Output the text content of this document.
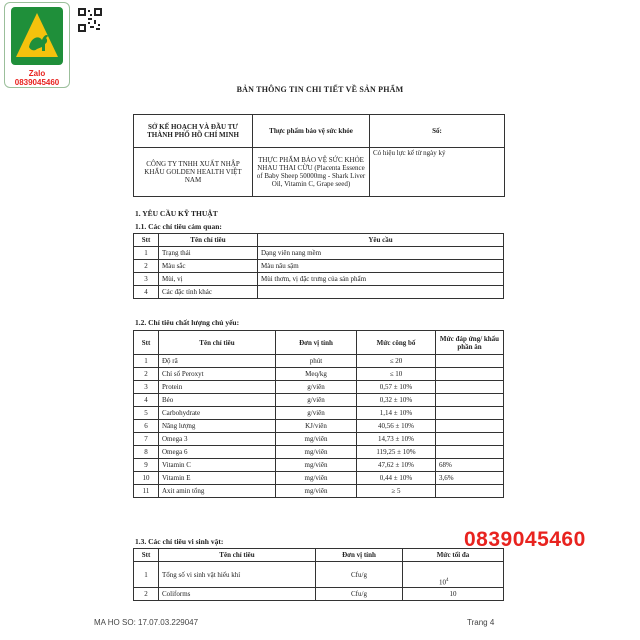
Zalo
0839045460
BẢN THÔNG TIN CHI TIẾT VỀ SẢN PHẨM
SỞ KẾ HOẠCH VÀ ĐẦU TƯ THÀNH PHỐ HỒ CHÍ MINH	Thực phẩm bảo vệ sức khỏe	Số:
CÔNG TY TNHH XUẤT NHẬP KHẨU GOLDEN HEALTH VIỆT NAM	THỰC PHẨM BẢO VỆ SỨC KHỎE NHAU THAI CỪU (Placenta Essence of Baby Sheep 50000mg - Shark Liver Oil, Vitamin C, Grape seed)	Có hiệu lực kể từ ngày ký
1. YÊU CẦU KỸ THUẬT
1.1. Các chỉ tiêu cảm quan:
Stt	Tên chỉ tiêu	Yêu cầu
1	Trạng thái	Dạng viên nang mềm
2	Màu sắc	Màu nâu sậm
3	Mùi, vị	Mùi thơm, vị đặc trưng của sản phẩm
4	Các đặc tính khác	
1.2. Chỉ tiêu chất lượng chủ yếu:
Stt	Tên chỉ tiêu	Đơn vị tính	Mức công bố	Mức đáp ứng/ khẩu phần ăn
1	Độ rã	phút	≤ 20	
2	Chỉ số Peroxyt	Meq/kg	≤ 10	
3	Protein	g/viên	0,57 ± 10%	
4	Béo	g/viên	0,32 ± 10%	
5	Carbohydrate	g/viên	1,14 ± 10%	
6	Năng lượng	KJ/viên	40,56 ± 10%	
7	Omega 3	mg/viên	14,73 ± 10%	
8	Omega 6	mg/viên	119,25 ± 10%	
9	Vitamin C	mg/viên	47,62 ± 10%	68%
10	Vitamin E	mg/viên	0,44 ± 10%	3,6%
11	Axit amin tổng	mg/viên	≥ 5	
1.3. Các chỉ tiêu vi sinh vật:
Stt	Tên chỉ tiêu	Đơn vị tính	Mức tối đa
1	Tổng số vi sinh vật hiếu khí	Cfu/g	$10^4$
2	Coliforms	Cfu/g	10
0839045460
MA HO SO: 17.07.03.229047	Trang 4
